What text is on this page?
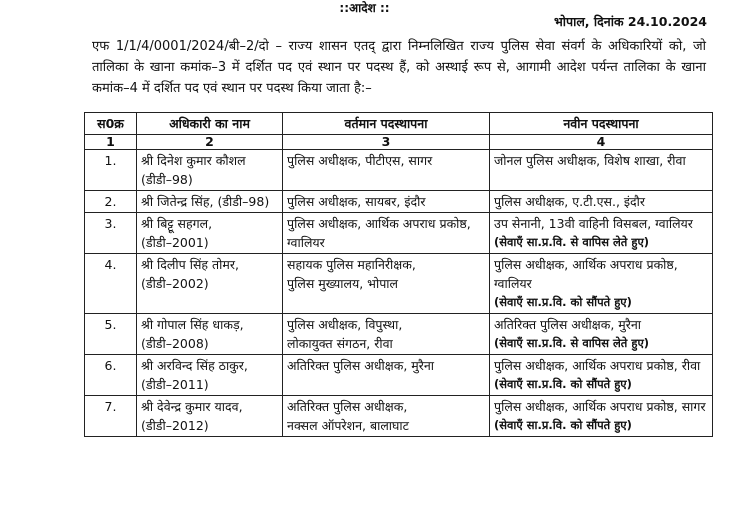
::आदेश ::
भोपाल, दिनांक 24.10.2024
एफ 1/1/4/0001/2024/बी–2/दो – राज्य शासन एतद् द्वारा निम्नलिखित राज्य पुलिस सेवा संवर्ग के अधिकारियों को, जो तालिका के खाना कमांक–3 में दर्शित पद एवं स्थान पर पदस्थ हैं, को अस्थाई रूप से, आगामी आदेश पर्यन्त तालिका के खाना कमांक–4 में दर्शित पद एवं स्थान पर पदस्थ किया जाता है:–
स0क्र	अधिकारी का नाम	वर्तमान पदस्थापना	नवीन पदस्थापना
1	2	3	4
1.	श्री दिनेश कुमार कौशल (डीडी–98)	पुलिस अधीक्षक, पीटीएस, सागर	जोनल पुलिस अधीक्षक, विशेष शाखा, रीवा

2.	श्री जितेन्द्र सिंह, (डीडी–98)	पुलिस अधीक्षक, सायबर, इंदौर	पुलिस अधीक्षक, ए.टी.एस., इंदौर

3.	श्री बिट्टू सहगल,
(डीडी–2001)	पुलिस अधीक्षक, आर्थिक अपराध प्रकोष्ठ, ग्वालियर	उप सेनानी, 13वी वाहिनी विसबल, ग्वालियर
(सेवाएँ सा.प्र.वि. से वापिस लेते हुए)

4.	श्री दिलीप सिंह तोमर,
(डीडी–2002)	सहायक पुलिस महानिरीक्षक,
पुलिस मुख्यालय, भोपाल	पुलिस अधीक्षक, आर्थिक अपराध प्रकोष्ठ, ग्वालियर
(सेवाएँ सा.प्र.वि. को सौंपते हुए)

5.	श्री गोपाल सिंह धाकड़,
(डीडी–2008)	पुलिस अधीक्षक, विपुस्था,
लोकायुक्त संगठन, रीवा	अतिरिक्त पुलिस अधीक्षक, मुरैना
(सेवाएँ सा.प्र.वि. से वापिस लेते हुए)

6.	श्री अरविन्द सिंह ठाकुर,
(डीडी–2011)	अतिरिक्त पुलिस अधीक्षक, मुरैना	पुलिस अधीक्षक, आर्थिक अपराध प्रकोष्ठ, रीवा
(सेवाएँ सा.प्र.वि. को सौंपते हुए)

7.	श्री देवेन्द्र कुमार यादव,
(डीडी–2012)	अतिरिक्त पुलिस अधीक्षक,
नक्सल ऑपरेशन, बालाघाट	पुलिस अधीक्षक, आर्थिक अपराध प्रकोष्ठ, सागर
(सेवाएँ सा.प्र.वि. को सौंपते हुए)
